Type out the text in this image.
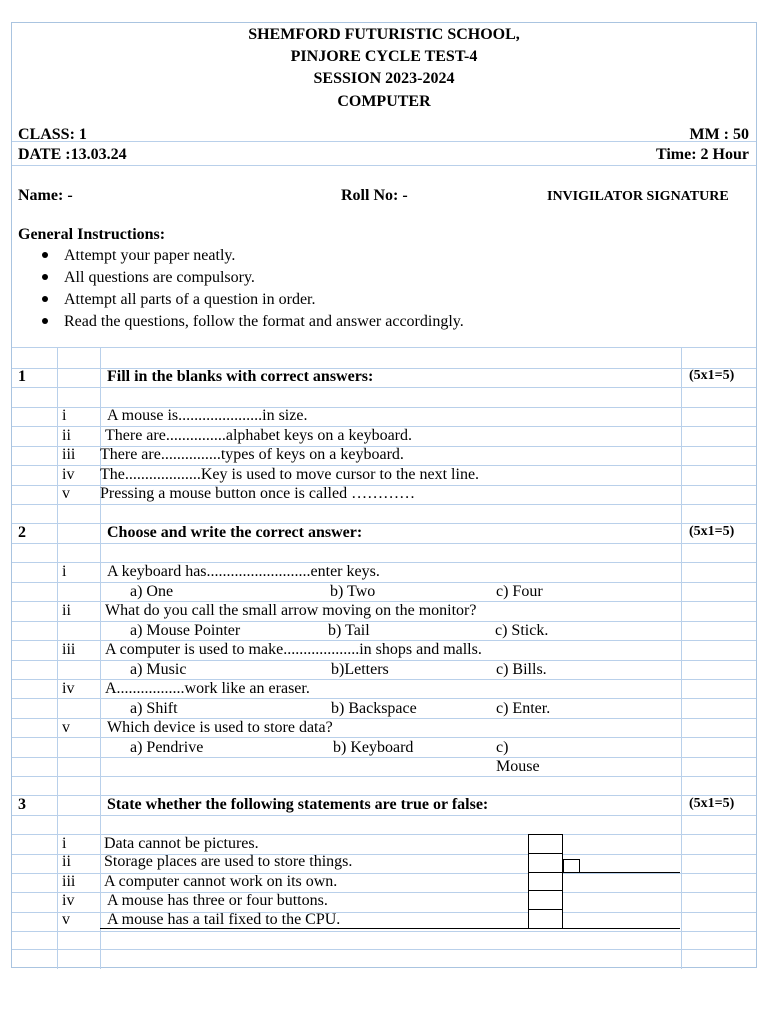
SHEMFORD FUTURISTIC SCHOOL,
PINJORE CYCLE TEST-4
SESSION 2023-2024
COMPUTER
CLASS: 1
DATE :13.03.24
MM : 50
Time: 2 Hour
Name: -	Roll No: -	INVIGILATOR SIGNATURE
General Instructions:
Attempt your paper neatly.
All questions are compulsory.
Attempt all parts of a question in order.
Read the questions, follow the format and answer accordingly.
1	Fill in the blanks with correct answers:	(5x1=5)
i	A mouse is.....................in size.
ii There are...............alphabet keys on a keyboard.
iii There are...............types of keys on a keyboard.
iv The...................Key is used to move cursor to the next line.
v Pressing a mouse button once is called …………
2	Choose and write the correct answer:	(5x1=5)
i	A keyboard has..........................enter keys.
a) One	b) Two	c) Four
ii What do you call the small arrow moving on the monitor?
a) Mouse Pointer	b) Tail	c) Stick.
iii A computer is used to make...................in shops and malls.
a) Music	b)Letters	c) Bills.
iv A.................work like an eraser.
a) Shift	b) Backspace	c) Enter.
v Which device is used to store data?
a) Pendrive	b) Keyboard	c)
Mouse
3	State whether the following statements are true or false:	(5x1=5)
i Data cannot be pictures.
ii Storage places are used to store things.
iii A computer cannot work on its own.
iv A mouse has three or four buttons.
v A mouse has a tail fixed to the CPU.
